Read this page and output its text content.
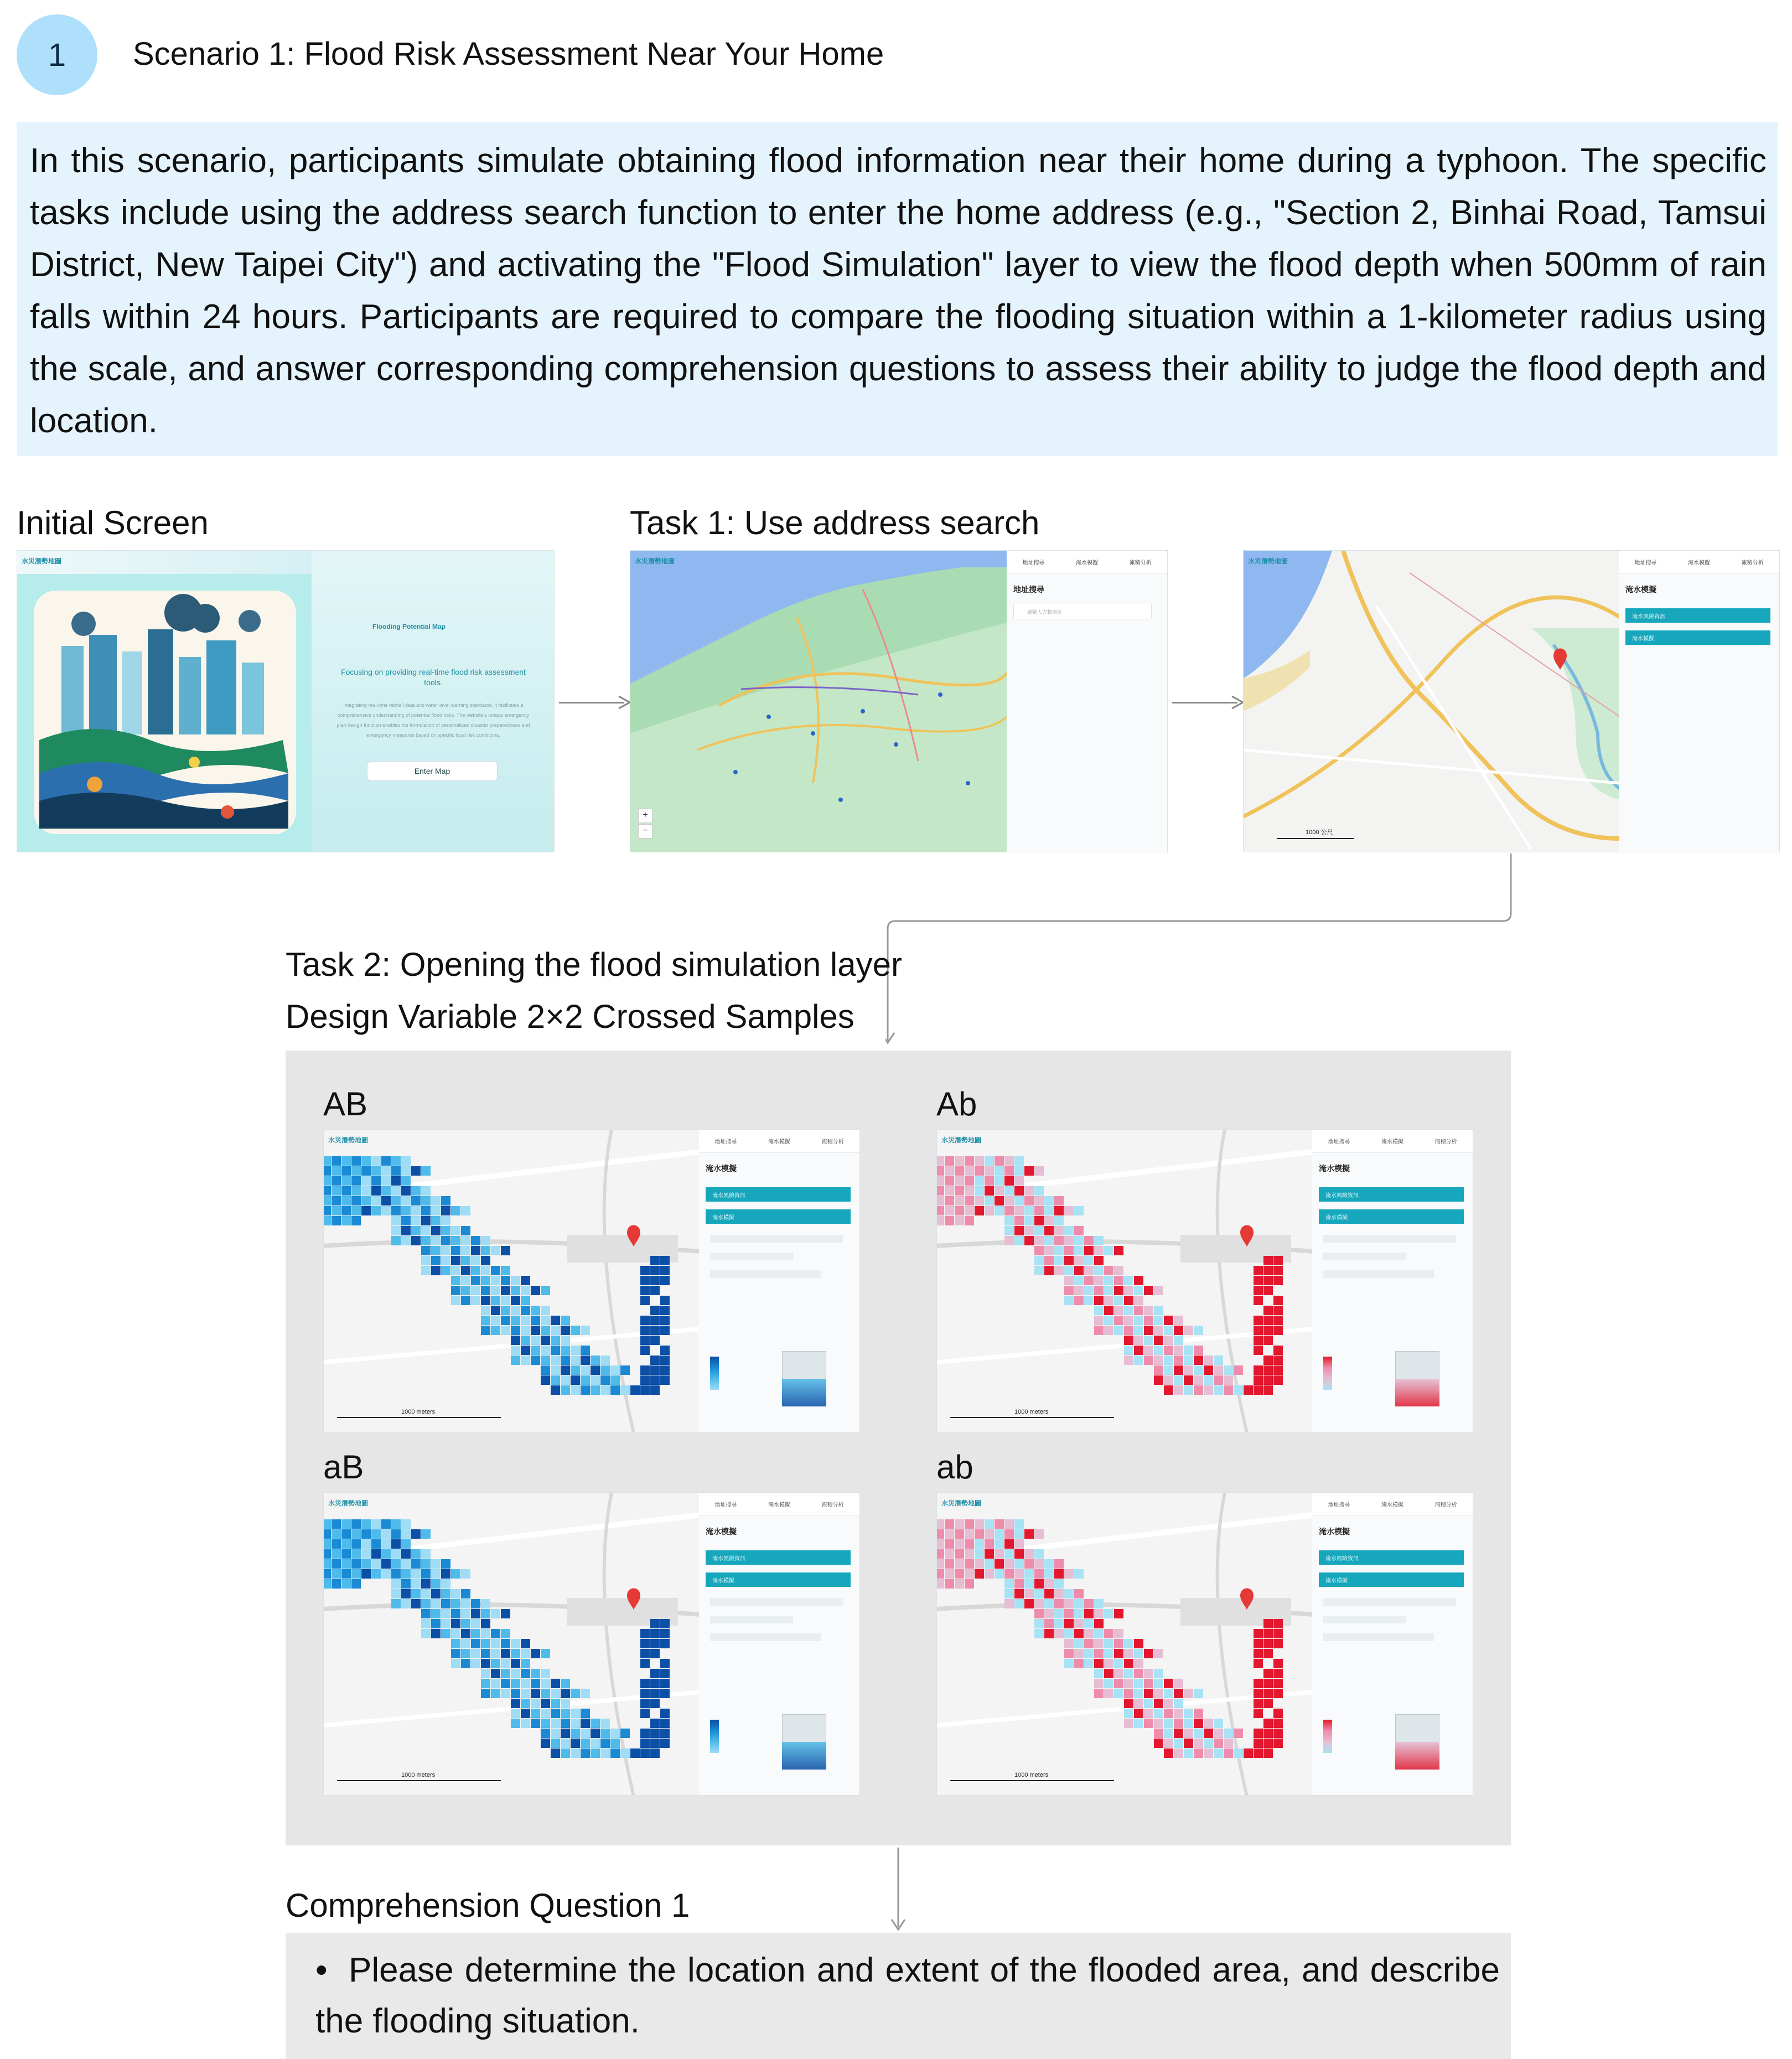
1	Scenario 1: Flood Risk Assessment Near Your Home
In this scenario, participants simulate obtaining flood information near their home during a typhoon. The specific tasks include using the address search function to enter the home address (e.g., "Section 2, Binhai Road, Tamsui District, New Taipei City") and activating the "Flood Simulation" layer to view the flood depth when 500mm of rain falls within 24 hours. Participants are required to compare the flooding situation within a 1-kilometer radius using the scale, and answer corresponding comprehension questions to assess their ability to judge the flood depth and location.
Initial Screen	Task 1: Use address search
Flooding Potential Map
Focusing on providing real-time flood risk assessment tools.
Integrating real-time rainfall data and water level warning standards, it facilitates a comprehensive understanding of potential flood risks. The website's unique emergency plan design function enables the formulation of personalized disaster preparedness and emergency measures based on specific local risk conditions.
Enter Map
水災潛勢地圖
+
−
水災潛勢地圖	地址搜尋	淹水模擬	淹積分析
地址搜尋
請輸入完整地址
1000 公尺
水災潛勢地圖	地址搜尋	淹水模擬	淹積分析
淹水模擬
淹水風險資訊
淹水模擬
Task 2: Opening the flood simulation layer
Design Variable 2×2 Crossed Samples
AB	Ab
aB	ab
1000 meters
水災潛勢地圖	地址搜尋	淹水模擬	淹積分析
淹水模擬
淹水風險資訊
淹水模擬
1000 meters
水災潛勢地圖	地址搜尋	淹水模擬	淹積分析
淹水模擬
淹水風險資訊
淹水模擬
1000 meters
水災潛勢地圖	地址搜尋	淹水模擬	淹積分析
淹水模擬
淹水風險資訊
淹水模擬
1000 meters
水災潛勢地圖	地址搜尋	淹水模擬	淹積分析
淹水模擬
淹水風險資訊
淹水模擬
Comprehension Question 1
• Please determine the location and extent of the flooded area, and describe the flooding situation.
